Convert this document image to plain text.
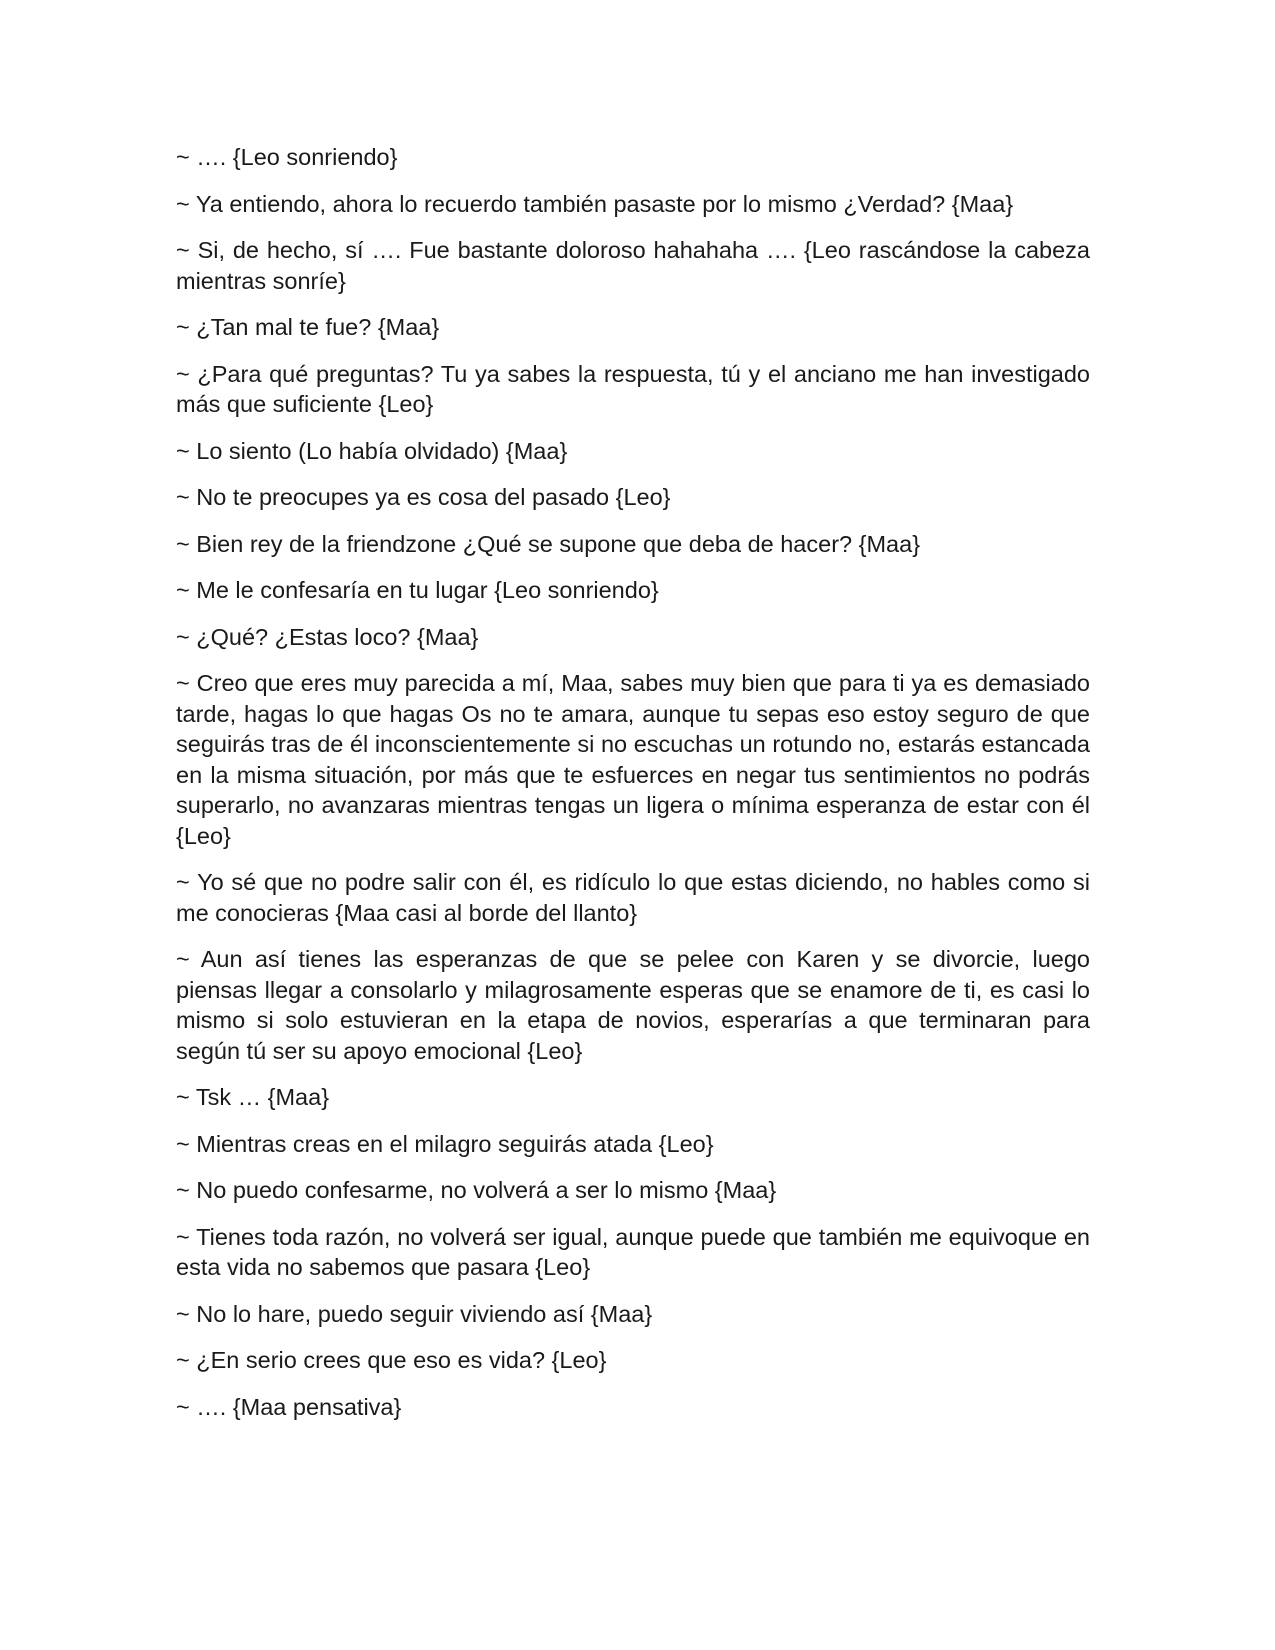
~ …. {Leo sonriendo}

~ Ya entiendo, ahora lo recuerdo también pasaste por lo mismo ¿Verdad? {Maa}

~ Si, de hecho, sí …. Fue bastante doloroso hahahaha …. {Leo rascándose la cabeza mientras sonríe}

~ ¿Tan mal te fue? {Maa}

~ ¿Para qué preguntas? Tu ya sabes la respuesta, tú y el anciano me han investigado más que suficiente {Leo}

~ Lo siento (Lo había olvidado) {Maa}

~ No te preocupes ya es cosa del pasado {Leo}

~ Bien rey de la friendzone ¿Qué se supone que deba de hacer? {Maa}

~ Me le confesaría en tu lugar {Leo sonriendo}

~ ¿Qué? ¿Estas loco? {Maa}

~ Creo que eres muy parecida a mí, Maa, sabes muy bien que para ti ya es demasiado tarde, hagas lo que hagas Os no te amara, aunque tu sepas eso estoy seguro de que seguirás tras de él inconscientemente si no escuchas un rotundo no, estarás estancada en la misma situación, por más que te esfuerces en negar tus sentimientos no podrás superarlo, no avanzaras mientras tengas un ligera o mínima esperanza de estar con él {Leo}

~ Yo sé que no podre salir con él, es ridículo lo que estas diciendo, no hables como si me conocieras {Maa casi al borde del llanto}

~ Aun así tienes las esperanzas de que se pelee con Karen y se divorcie, luego piensas llegar a consolarlo y milagrosamente esperas que se enamore de ti, es casi lo mismo si solo estuvieran en la etapa de novios, esperarías a que terminaran para según tú ser su apoyo emocional {Leo}

~ Tsk … {Maa}

~ Mientras creas en el milagro seguirás atada {Leo}

~ No puedo confesarme, no volverá a ser lo mismo {Maa}

~ Tienes toda razón, no volverá ser igual, aunque puede que también me equivoque en esta vida no sabemos que pasara {Leo}

~ No lo hare, puedo seguir viviendo así {Maa}

~ ¿En serio crees que eso es vida? {Leo}

~ …. {Maa pensativa}
